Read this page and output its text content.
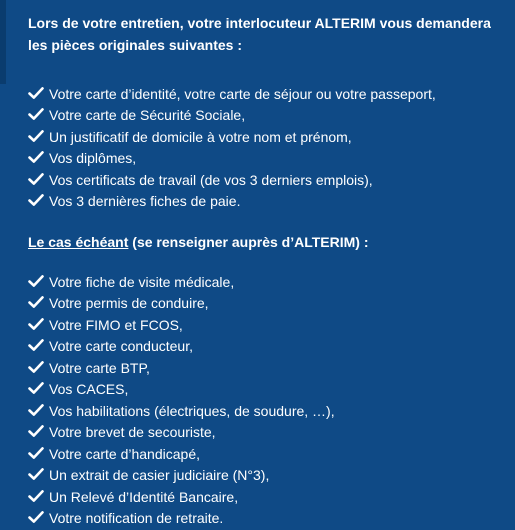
Lors de votre entretien, votre interlocuteur ALTERIM vous demandera
les pièces originales suivantes :

Votre carte d’identité, votre carte de séjour ou votre passeport,
Votre carte de Sécurité Sociale,
Un justificatif de domicile à votre nom et prénom,
Vos diplômes,
Vos certificats de travail (de vos 3 derniers emplois),
Vos 3 dernières fiches de paie.

Le cas échéant (se renseigner auprès d’ALTERIM) :

Votre fiche de visite médicale,
Votre permis de conduire,
Votre FIMO et FCOS,
Votre carte conducteur,
Votre carte BTP,
Vos CACES,
Vos habilitations (électriques, de soudure, …),
Votre brevet de secouriste,
Votre carte d’handicapé,
Un extrait de casier judiciaire (N°3),
Un Relevé d’Identité Bancaire,
Votre notification de retraite.
